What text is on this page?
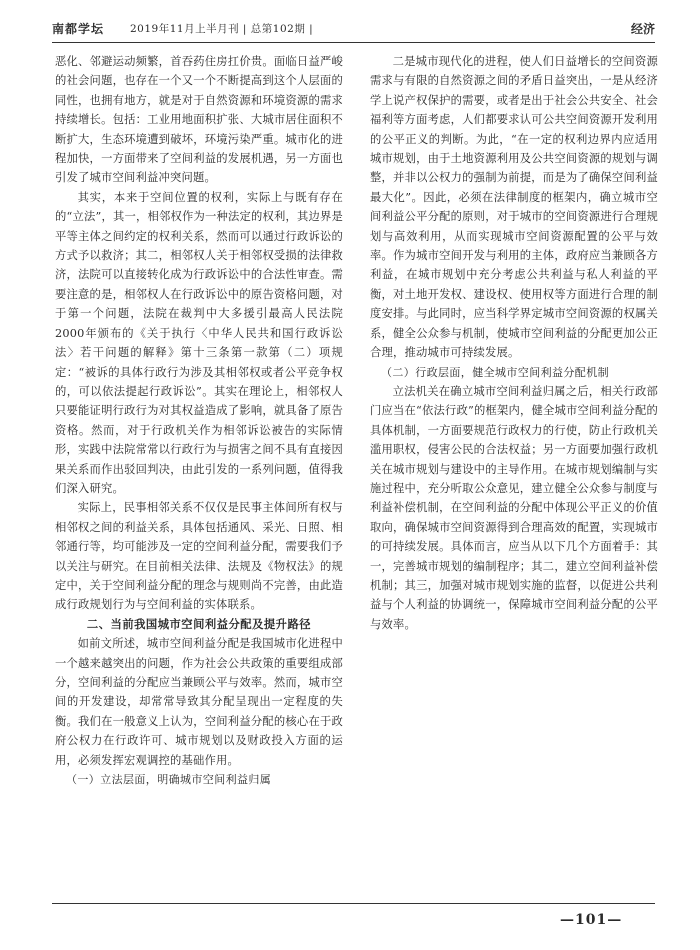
南都学坛 2019年11月上半月刊 | 总第102期 |	经济

恶化、邻避运动频繁，首吞药住房扛价贵。面临日益严峻的社会问题，也存在一个又一个不断提高到这个人层面的同性，也拥有地方，就是对于自然资源和环境资源的需求持续增长。包括：工业用地面积扩张、大城市居住面积不断扩大，生态环境遭到破坏，环境污染严重。城市化的进程加快，一方面带来了空间利益的发展机遇，另一方面也引发了城市空间利益冲突问题。

其实，本来于空间位置的权利，实际上与既有存在的“立法”，其一，相邻权作为一种法定的权利，其边界是平等主体之间约定的权利关系，然而可以通过行政诉讼的方式予以救济；其二，相邻权人关于相邻权受损的法律救济，法院可以直接转化成为行政诉讼中的合法性审查。需要注意的是，相邻权人在行政诉讼中的原告资格问题，对于第一个问题，法院在裁判中大多援引最高人民法院2000年颁布的《关于执行〈中华人民共和国行政诉讼法〉若干问题的解释》第十三条第一款第（二）项规定：“被诉的具体行政行为涉及其相邻权或者公平竞争权的，可以依法提起行政诉讼”。其实在理论上，相邻权人只要能证明行政行为对其权益造成了影响，就具备了原告资格。然而，对于行政机关作为相邻诉讼被告的实际情形，实践中法院常常以行政行为与损害之间不具有直接因果关系而作出驳回判决，由此引发的一系列问题，值得我们深入研究。

实际上，民事相邻关系不仅仅是民事主体间所有权与相邻权之间的利益关系，具体包括通风、采光、日照、相邻通行等，均可能涉及一定的空间利益分配，需要我们予以关注与研究。在目前相关法律、法规及《物权法》的规定中，关于空间利益分配的理念与规则尚不完善，由此造成行政规划行为与空间利益的实体联系。

二、当前我国城市空间利益分配及提升路径

如前文所述，城市空间利益分配是我国城市化进程中一个越来越突出的问题，作为社会公共政策的重要组成部分，空间利益的分配应当兼顾公平与效率。然而，城市空间的开发建设，却常常导致其分配呈现出一定程度的失衡。我们在一般意义上认为，空间利益分配的核心在于政府公权力在行政许可、城市规划以及财政投入方面的运用，必须发挥宏观调控的基础作用。

（一）立法层面，明确城市空间利益归属

二是城市现代化的进程，使人们日益增长的空间资源需求与有限的自然资源之间的矛盾日益突出，一是从经济学上说产权保护的需要，或者是出于社会公共安全、社会福利等方面考虑，人们都要求认可公共空间资源开发利用的公平正义的判断。为此，“在一定的权利边界内应适用城市规划，由于土地资源利用及公共空间资源的规划与调整，并非以公权力的强制为前提，而是为了确保空间利益最大化”。因此，必须在法律制度的框架内，确立城市空间利益公平分配的原则，对于城市的空间资源进行合理规划与高效利用，从而实现城市空间资源配置的公平与效率。作为城市空间开发与利用的主体，政府应当兼顾各方利益，在城市规划中充分考虑公共利益与私人利益的平衡，对土地开发权、建设权、使用权等方面进行合理的制度安排。与此同时，应当科学界定城市空间资源的权属关系，健全公众参与机制，使城市空间利益的分配更加公正合理，推动城市可持续发展。

（二）行政层面，健全城市空间利益分配机制

立法机关在确立城市空间利益归属之后，相关行政部门应当在“依法行政”的框架内，健全城市空间利益分配的具体机制，一方面要规范行政权力的行使，防止行政机关滥用职权，侵害公民的合法权益；另一方面要加强行政机关在城市规划与建设中的主导作用。在城市规划编制与实施过程中，充分听取公众意见，建立健全公众参与制度与利益补偿机制，在空间利益的分配中体现公平正义的价值取向，确保城市空间资源得到合理高效的配置，实现城市的可持续发展。具体而言，应当从以下几个方面着手：其一，完善城市规划的编制程序；其二，建立空间利益补偿机制；其三，加强对城市规划实施的监督，以促进公共利益与个人利益的协调统一，保障城市空间利益分配的公平与效率。

—101—
